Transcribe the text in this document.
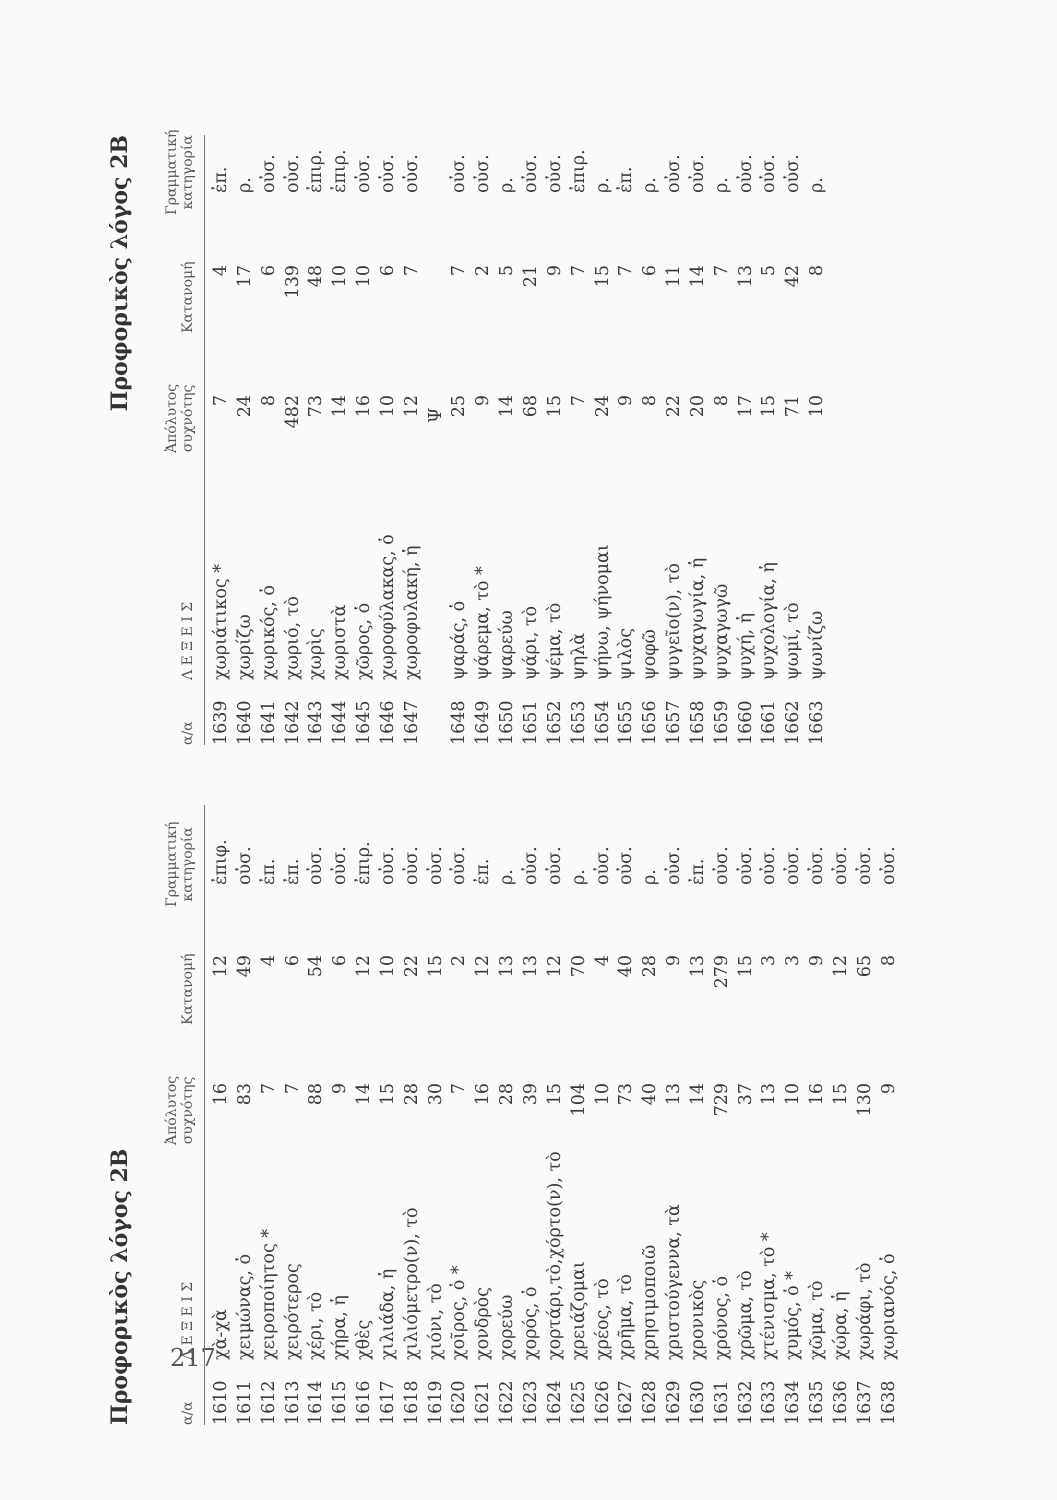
217
Προφορικὸς λόγος 2Β	α/α
Λ Ε Ξ Ε Ι Σ
Ἀπόλυτος συχνότης
Κατανομή
Γραμματική κατηγορία
1610
χὰ-χὰ
16
12
ἐπιφ.
1611
χειμώνας, ὁ
83
49
οὐσ.
1612
χειροποίητος *
7
4
ἐπ.
1613
χειρότερος
7
6
ἐπ.
1614
χέρι, τὸ
88
54
οὐσ.
1615
χήρα, ἡ
9
6
οὐσ.
1616
χθὲς
14
12
ἐπιρ.
1617
χιλιάδα, ἡ
15
10
οὐσ.
1618
χιλιόμετρο(ν), τὸ
28
22
οὐσ.
1619
χιόνι, τὸ
30
15
οὐσ.
1620
χοῖρος, ὁ *
7
2
οὐσ.
1621
χονδρὸς
16
12
ἐπ.
1622
χορεύω
28
13
ρ.
1623
χορός, ὁ
39
13
οὐσ.
1624
χορτάρι,τὸ,χόρτο(ν), τὸ
15
12
οὐσ.
1625
χρειάζομαι
104
70
ρ.
1626
χρέος, τὸ
10
4
οὐσ.
1627
χρῆμα, τὸ
73
40
οὐσ.
1628
χρησιμοποιῶ
40
28
ρ.
1629
χριστούγεννα, τὰ
13
9
οὐσ.
1630
χρονικὸς
14
13
ἐπ.
1631
χρόνος, ὁ
729
279
οὐσ.
1632
χρῶμα, τὸ
37
15
οὐσ.
1633
χτένισμα, τὸ *
13
3
οὐσ.
1634
χυμός, ὁ *
10
3
οὐσ.
1635
χῶμα, τὸ
16
9
οὐσ.
1636
χώρα, ἡ
15
12
οὐσ.
1637
χωράφι, τὸ
130
65
οὐσ.
1638
χωριανός, ὁ
9
8
οὐσ.
Προφορικὸς λόγος 2Β
α/α
Λ Ε Ξ Ε Ι Σ
Ἀπόλυτος συχνότης
Κατανομή
Γραμματική κατηγορία
1639
χωριάτικος *
7
4
ἐπ.
1640
χωρίζω
24
17
ρ.
1641
χωρικός, ὁ
8
6
οὐσ.
1642
χωριό, τὸ
482
139
οὐσ.
1643
χωρὶς
73
48
ἐπιρ.
1644
χωριστὰ
14
10
ἐπιρ.
1645
χῶρος, ὁ
16
10
οὐσ.
1646
χωροφύλακας, ὁ
10
6
οὐσ.
1647
χωροφυλακή, ἡ
12
7
οὐσ.
Ψ
1648
ψαράς, ὁ
25
7
οὐσ.
1649
ψάρεμα, τὸ *
9
2
οὐσ.
1650
ψαρεύω
14
5
ρ.
1651
ψάρι, τὸ
68
21
οὐσ.
1652
ψέμα, τὸ
15
9
οὐσ.
1653
ψηλὰ
7
7
ἐπιρ.
1654
ψήνω, ψήνομαι
24
15
ρ.
1655
ψιλὸς
9
7
ἐπ.
1656
ψοφῶ
8
6
ρ.
1657
ψυγεῖο(ν), τὸ
22
11
οὐσ.
1658
ψυχαγωγία, ἡ
20
14
οὐσ.
1659
ψυχαγωγῶ
8
7
ρ.
1660
ψυχή, ἡ
17
13
οὐσ.
1661
ψυχολογία, ἡ
15
5
οὐσ.
1662
ψωμί, τὸ
71
42
οὐσ.
1663
ψωνίζω
10
8
ρ.
